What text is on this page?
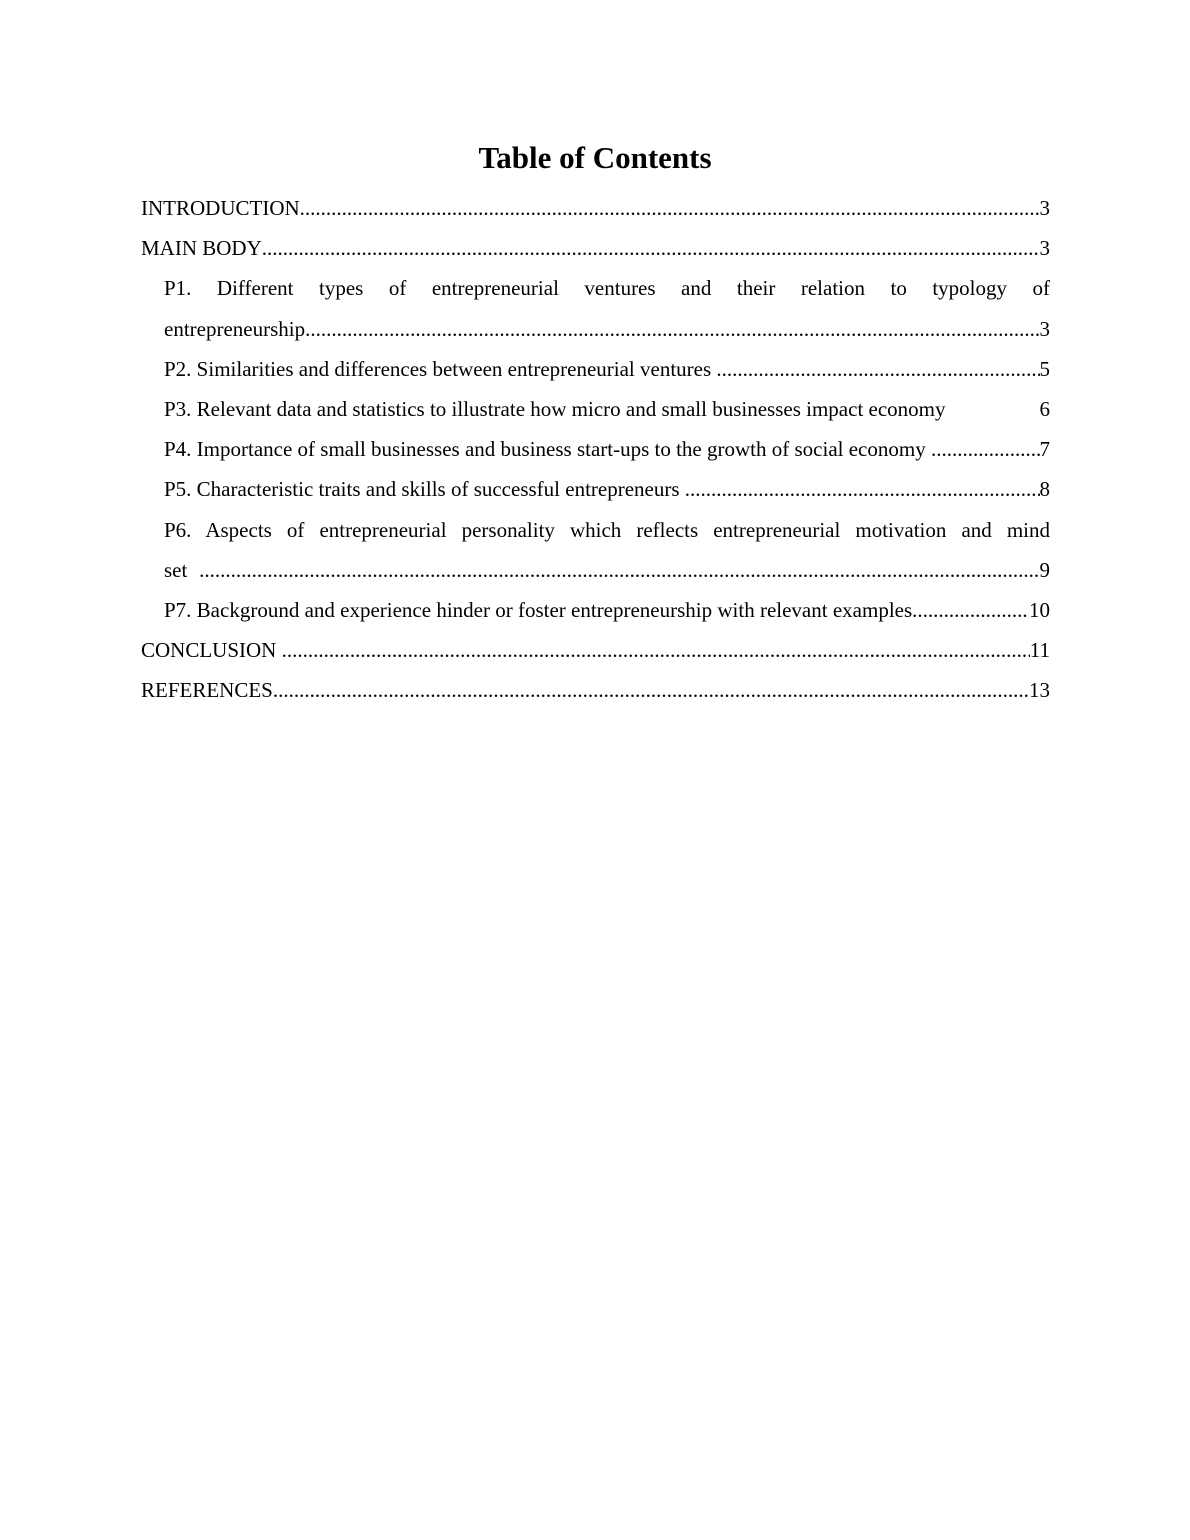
Table of Contents
INTRODUCTION .....	3
MAIN BODY .....	3
P1. Different types of entrepreneurial ventures and their relation to typology of
entrepreneurship .....	3
P2. Similarities and differences between entrepreneurial ventures .....	5
P3. Relevant data and statistics to illustrate how micro and small businesses impact economy	6
P4. Importance of small businesses and business start-ups to the growth of social economy .....	7
P5. Characteristic traits and skills of successful entrepreneurs .....	8
P6. Aspects of entrepreneurial personality which reflects entrepreneurial motivation and mind
set .....	9
P7. Background and experience hinder or foster entrepreneurship with relevant examples. .....	10
CONCLUSION .....	11
REFERENCES .....	13
